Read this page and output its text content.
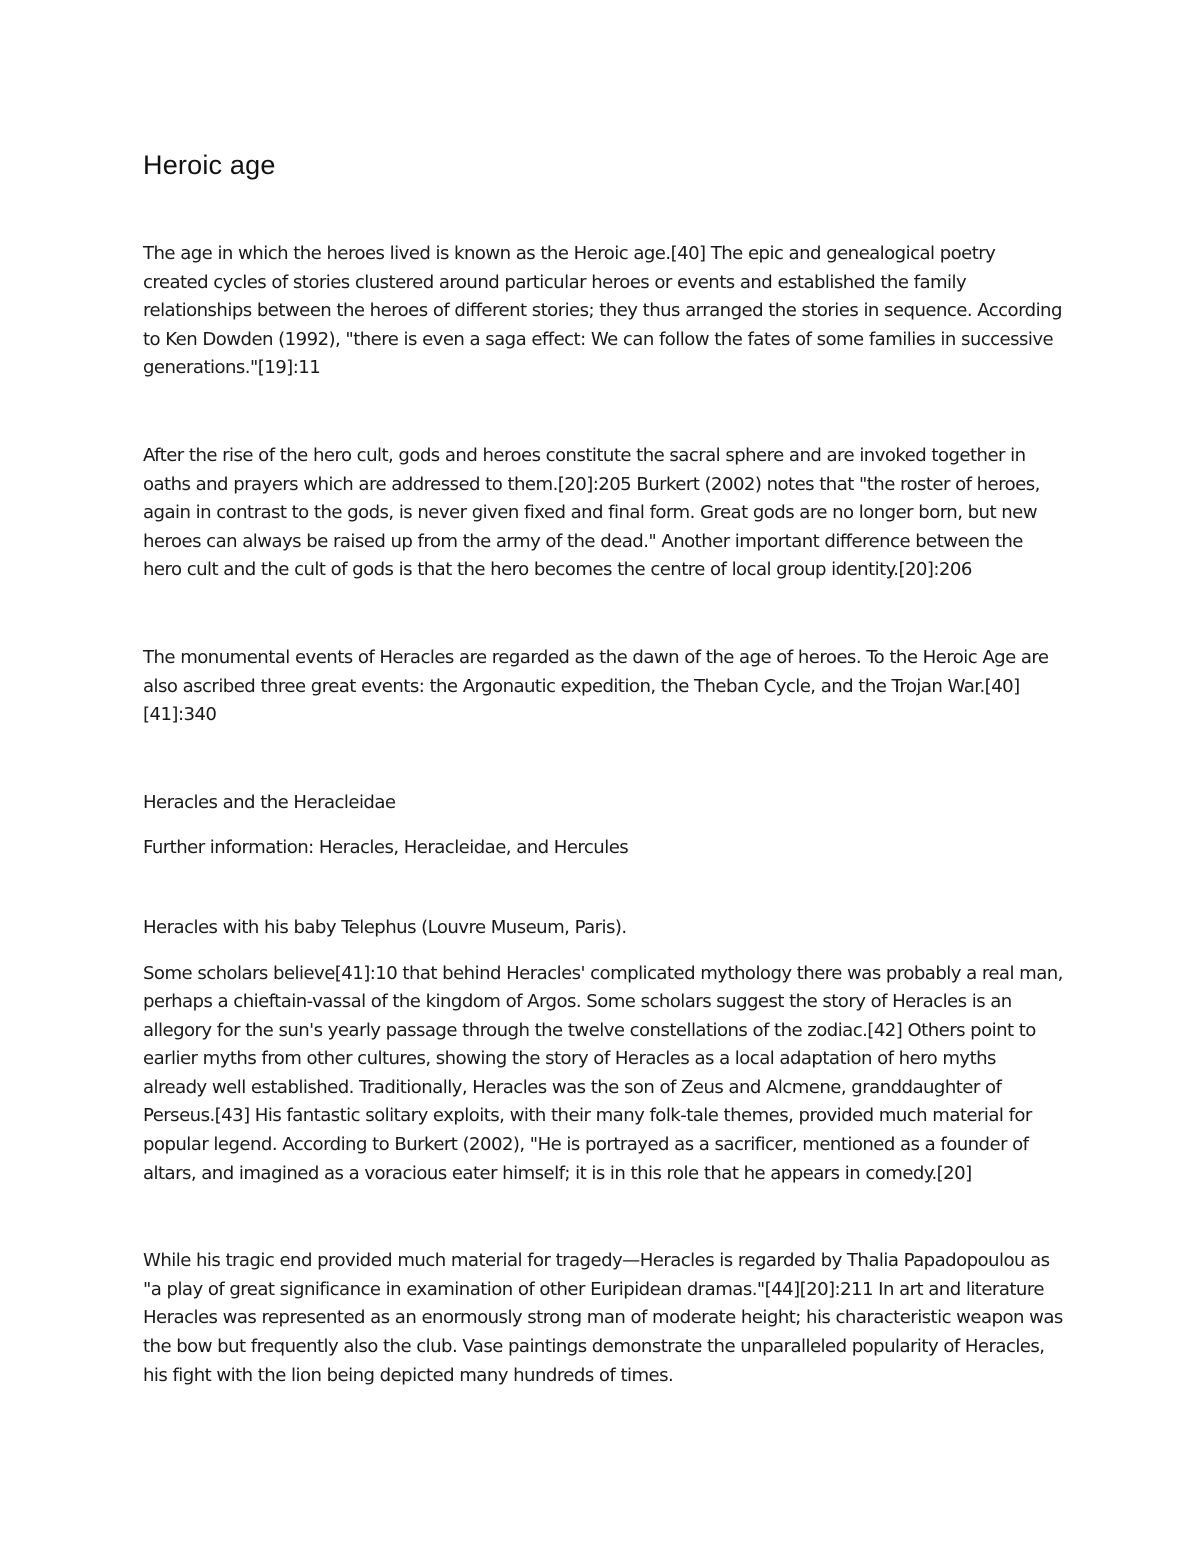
Heroic age

The age in which the heroes lived is known as the Heroic age.[40] The epic and genealogical poetry created cycles of stories clustered around particular heroes or events and established the family relationships between the heroes of different stories; they thus arranged the stories in sequence. According to Ken Dowden (1992), "there is even a saga effect: We can follow the fates of some families in successive generations."[19]:11

After the rise of the hero cult, gods and heroes constitute the sacral sphere and are invoked together in oaths and prayers which are addressed to them.[20]:205 Burkert (2002) notes that "the roster of heroes, again in contrast to the gods, is never given fixed and final form. Great gods are no longer born, but new heroes can always be raised up from the army of the dead." Another important difference between the hero cult and the cult of gods is that the hero becomes the centre of local group identity.[20]:206

The monumental events of Heracles are regarded as the dawn of the age of heroes. To the Heroic Age are also ascribed three great events: the Argonautic expedition, the Theban Cycle, and the Trojan War.[40][41]:340

Heracles and the Heracleidae

Further information: Heracles, Heracleidae, and Hercules

Heracles with his baby Telephus (Louvre Museum, Paris).

Some scholars believe[41]:10 that behind Heracles' complicated mythology there was probably a real man, perhaps a chieftain-vassal of the kingdom of Argos. Some scholars suggest the story of Heracles is an allegory for the sun's yearly passage through the twelve constellations of the zodiac.[42] Others point to earlier myths from other cultures, showing the story of Heracles as a local adaptation of hero myths already well established. Traditionally, Heracles was the son of Zeus and Alcmene, granddaughter of Perseus.[43] His fantastic solitary exploits, with their many folk-tale themes, provided much material for popular legend. According to Burkert (2002), "He is portrayed as a sacrificer, mentioned as a founder of altars, and imagined as a voracious eater himself; it is in this role that he appears in comedy.[20]

While his tragic end provided much material for tragedy—Heracles is regarded by Thalia Papadopoulou as "a play of great significance in examination of other Euripidean dramas."[44][20]:211 In art and literature Heracles was represented as an enormously strong man of moderate height; his characteristic weapon was the bow but frequently also the club. Vase paintings demonstrate the unparalleled popularity of Heracles, his fight with the lion being depicted many hundreds of times.
